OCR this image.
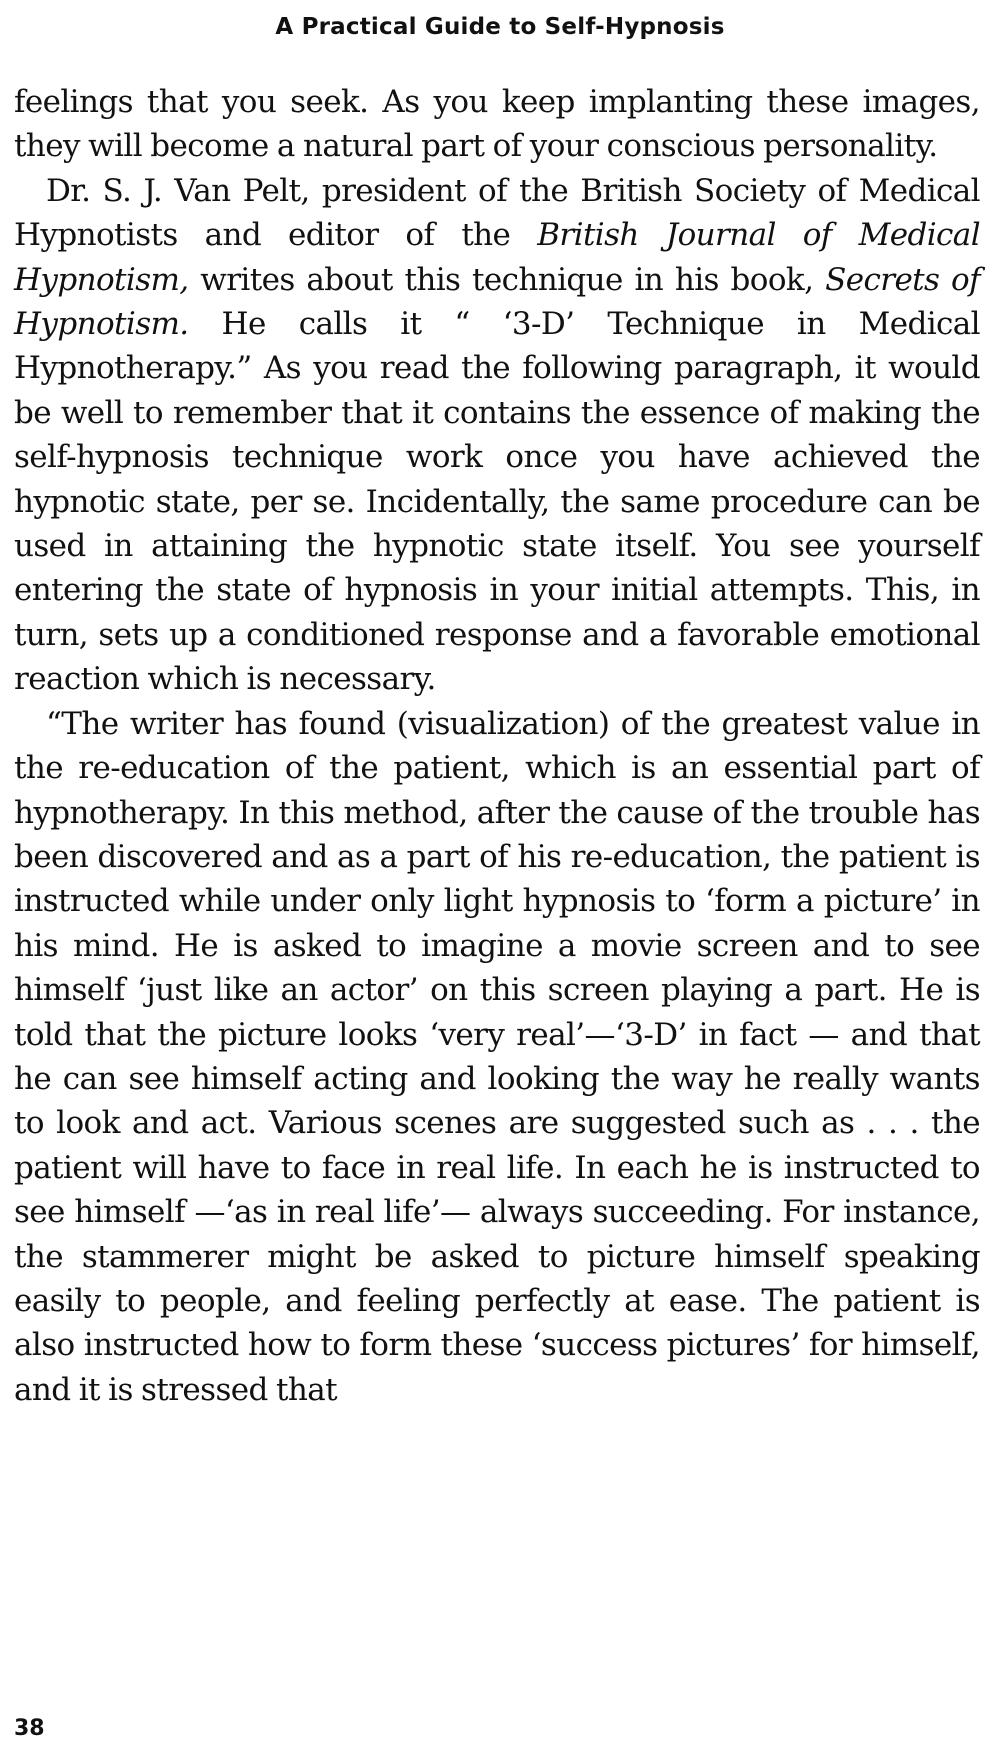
A Practical Guide to Self-Hypnosis

feelings that you seek. As you keep implanting these images, they will become a natural part of your conscious personality.

Dr. S. J. Van Pelt, president of the British Society of Medical Hypnotists and editor of the British Journal of Medical Hypnotism, writes about this technique in his book, Secrets of Hypnotism. He calls it “ ‘3-D’ Technique in Medical Hypnotherapy.” As you read the following paragraph, it would be well to remember that it contains the essence of making the self-hypnosis technique work once you have achieved the hypnotic state, per se. Incidentally, the same procedure can be used in attaining the hypnotic state itself. You see yourself entering the state of hypnosis in your initial attempts. This, in turn, sets up a conditioned response and a favorable emotional reaction which is necessary.

“The writer has found (visualization) of the greatest value in the re-education of the patient, which is an essential part of hypnotherapy. In this method, after the cause of the trouble has been discovered and as a part of his re-education, the patient is instructed while under only light hypnosis to ‘form a picture’ in his mind. He is asked to imagine a movie screen and to see himself ‘just like an actor’ on this screen playing a part. He is told that the picture looks ‘very real’—‘3-D’ in fact — and that he can see himself acting and looking the way he really wants to look and act. Various scenes are suggested such as . . . the patient will have to face in real life. In each he is instructed to see himself —‘as in real life’— always succeeding. For instance, the stammerer might be asked to picture himself speaking easily to people, and feeling perfectly at ease. The patient is also instructed how to form these ‘success pictures’ for himself, and it is stressed that

38
